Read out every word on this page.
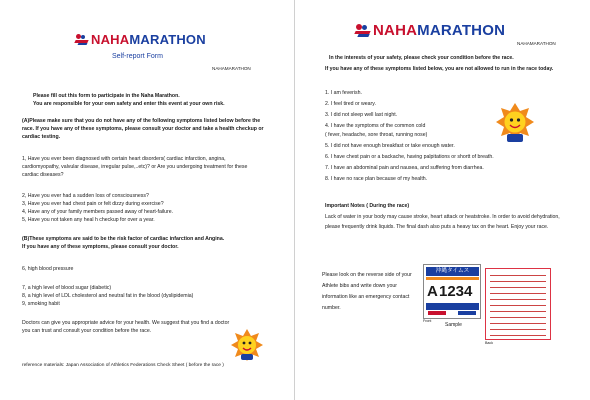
NAHAMARATHON
Self-report Form
NAHAMARATHON
Please fill out this form to participate in the Naha Marathon.
You are responsible for your own safety and enter this event at your own risk.
(A)Please make sure that you do not have any of the following symptoms listed below before the
race. If you have any of these symptoms, please consult your doctor and take a health checkup or
cardiac testing.
1, Have you ever been diagnosed with certain heart disorders( cardiac infarction, angina,
cardiomyopathy, valvular disease, irregular pulse,..etc)? or Are you undergoing treatment for these
cardiac diseases?
2, Have you ever had a sudden loss of consciousness?
3, Have you ever had chest pain or felt dizzy during exercise?
4, Have any of your family members passed away of heart-failure.
5, Have you not taken any heal h checkup for over a year.
(B)These symptoms are said to be the risk factor of cardiac infarction and Angina.
If you have any of these symptoms, please consult your doctor.
6, high blood pressure
7, a high level of blood sugar (diabetic)
8, a high level of LDL cholesterol and neutral fat in the blood (dyslipidemia)
9, smoking habit
Doctors can give you appropriate advice for your health. We suggest that you find a doctor
you can trust and consult your condition before the race.
reference materials: Japan Association of Athletics Federations Check Sheet ( before the race )
NAHAMARATHON
NAHAMARATHON
In the interests of your safety, please check your condition before the race.
If you have any of these symptoms listed below, you are not allowed to run in the race today.
1. I am feverish.
2. I feel tired or weary.
3. I did not sleep well last night.
4. I have the symptoms of the common cold
( fever, headache, sore throat, running nose)
5. I did not have enough breakfast or take enough water.
6. I have chest pain or a backache, having palpitations or shortt of breath.
7. I have an abdominal pain and nausea, and suffering from diarrhea.
8. I have no race plan because of my health.
Important Notes ( During the race)
Lack of water in your body may cause stroke, heart attack or heatstroke. In order to avoid dehydration,
please frequently drink liquids. The final dash also puts a heavy tax on the heart. Enjoy your race.
Please look on the reverse side of your
Athlete bibs and write down your
information like an emergency contact
number.
沖縄タイムス
A 1234
Front
Back
Sample
